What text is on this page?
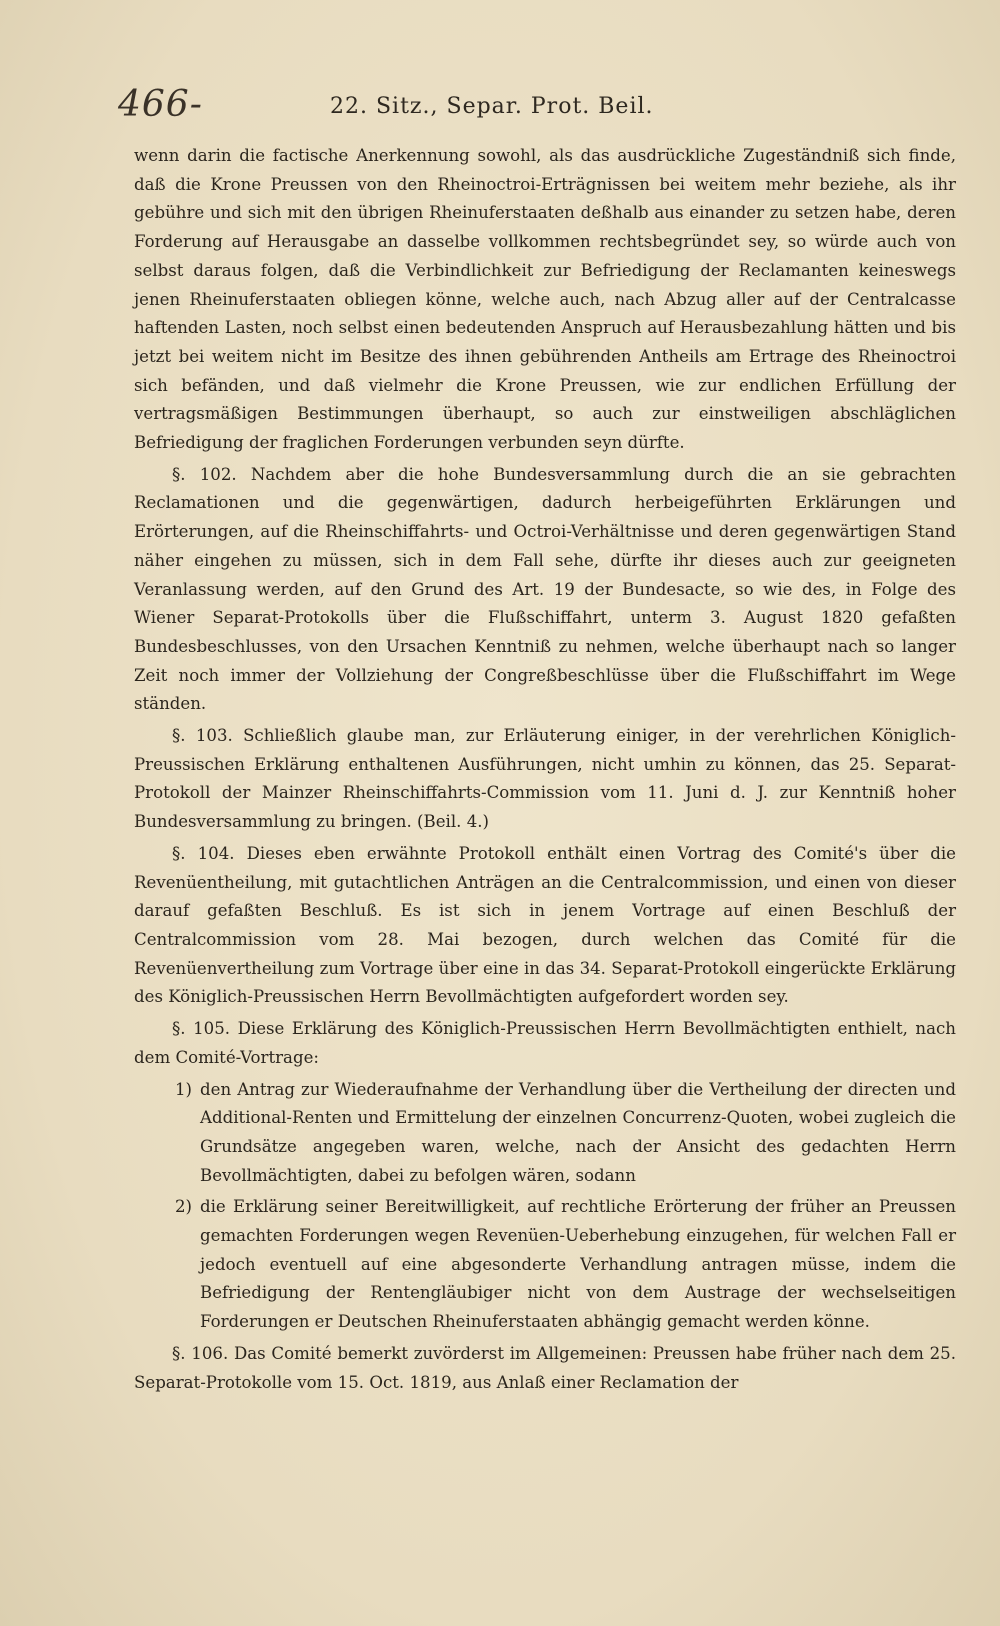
466-	22. Sitz., Separ. Prot. Beil.

wenn darin die factische Anerkennung sowohl, als das ausdrückliche Zugeständniß sich finde, daß die Krone Preussen von den Rheinoctroi-Erträgnissen bei weitem mehr beziehe, als ihr gebühre und sich mit den übrigen Rheinuferstaaten deßhalb aus einander zu setzen habe, deren Forderung auf Herausgabe an dasselbe vollkommen rechtsbegründet sey, so würde auch von selbst daraus folgen, daß die Verbindlichkeit zur Befriedigung der Reclamanten keineswegs jenen Rheinuferstaaten obliegen könne, welche auch, nach Abzug aller auf der Centralcasse haftenden Lasten, noch selbst einen bedeutenden Anspruch auf Herausbezahlung hätten und bis jetzt bei weitem nicht im Besitze des ihnen gebührenden Antheils am Ertrage des Rheinoctroi sich befänden, und daß vielmehr die Krone Preussen, wie zur endlichen Erfüllung der vertragsmäßigen Bestimmungen überhaupt, so auch zur einstweiligen abschläglichen Befriedigung der fraglichen Forderungen verbunden seyn dürfte.

§. 102. Nachdem aber die hohe Bundesversammlung durch die an sie gebrachten Reclamationen und die gegenwärtigen, dadurch herbeigeführten Erklärungen und Erörterungen, auf die Rheinschiffahrts- und Octroi-Verhältnisse und deren gegenwärtigen Stand näher eingehen zu müssen, sich in dem Fall sehe, dürfte ihr dieses auch zur geeigneten Veranlassung werden, auf den Grund des Art. 19 der Bundesacte, so wie des, in Folge des Wiener Separat-Protokolls über die Flußschiffahrt, unterm 3. August 1820 gefaßten Bundesbeschlusses, von den Ursachen Kenntniß zu nehmen, welche überhaupt nach so langer Zeit noch immer der Vollziehung der Congreßbeschlüsse über die Flußschiffahrt im Wege ständen.

§. 103. Schließlich glaube man, zur Erläuterung einiger, in der verehrlichen Königlich-Preussischen Erklärung enthaltenen Ausführungen, nicht umhin zu können, das 25. Separat-Protokoll der Mainzer Rheinschiffahrts-Commission vom 11. Juni d. J. zur Kenntniß hoher Bundesversammlung zu bringen. (Beil. 4.)

§. 104. Dieses eben erwähnte Protokoll enthält einen Vortrag des Comité's über die Revenüentheilung, mit gutachtlichen Anträgen an die Centralcommission, und einen von dieser darauf gefaßten Beschluß. Es ist sich in jenem Vortrage auf einen Beschluß der Centralcommission vom 28. Mai bezogen, durch welchen das Comité für die Revenüenvertheilung zum Vortrage über eine in das 34. Separat-Protokoll eingerückte Erklärung des Königlich-Preussischen Herrn Bevollmächtigten aufgefordert worden sey.

§. 105. Diese Erklärung des Königlich-Preussischen Herrn Bevollmächtigten enthielt, nach dem Comité-Vortrage:

1) den Antrag zur Wiederaufnahme der Verhandlung über die Vertheilung der directen und Additional-Renten und Ermittelung der einzelnen Concurrenz-Quoten, wobei zugleich die Grundsätze angegeben waren, welche, nach der Ansicht des gedachten Herrn Bevollmächtigten, dabei zu befolgen wären, sodann
2) die Erklärung seiner Bereitwilligkeit, auf rechtliche Erörterung der früher an Preussen gemachten Forderungen wegen Revenüen-Ueberhebung einzugehen, für welchen Fall er jedoch eventuell auf eine abgesonderte Verhandlung antragen müsse, indem die Befriedigung der Rentengläubiger nicht von dem Austrage der wechselseitigen Forderungen er Deutschen Rheinuferstaaten abhängig gemacht werden könne.

§. 106. Das Comité bemerkt zuvörderst im Allgemeinen: Preussen habe früher nach dem 25. Separat-Protokolle vom 15. Oct. 1819, aus Anlaß einer Reclamation der
